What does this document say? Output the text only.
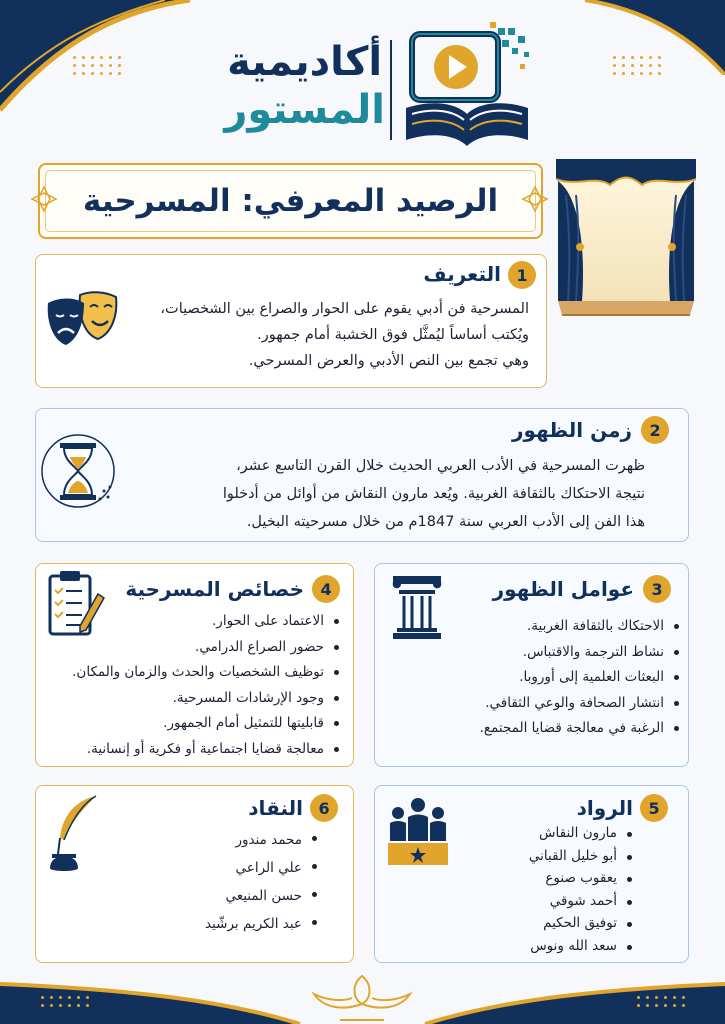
أكاديمية
المستور
الرصيد المعرفي: المسرحية
1
التعريف
المسرحية فن أدبي يقوم على الحوار والصراع بين الشخصيات،
ويُكتب أساساً ليُمثَّل فوق الخشبة أمام جمهور.
وهي تجمع بين النص الأدبي والعرض المسرحي.
2
زمن الظهور
ظهرت المسرحية في الأدب العربي الحديث خلال القرن التاسع عشر،
نتيجة الاحتكاك بالثقافة الغربية. ويُعد مارون النقاش من أوائل من أدخلوا
هذا الفن إلى الأدب العربي سنة 1847م من خلال مسرحيته البخيل.
3
عوامل الظهور
الاحتكاك بالثقافة الغربية.
نشاط الترجمة والاقتباس.
البعثات العلمية إلى أوروبا.
انتشار الصحافة والوعي الثقافي.
الرغبة في معالجة قضايا المجتمع.
4
خصائص المسرحية
الاعتماد على الحوار.
حضور الصراع الدرامي.
توظيف الشخصيات والحدث والزمان والمكان.
وجود الإرشادات المسرحية.
قابليتها للتمثيل أمام الجمهور.
معالجة قضايا اجتماعية أو فكرية أو إنسانية.
5
الرواد
مارون النقاش
أبو خليل القباني
يعقوب صنوع
أحمد شوقي
توفيق الحكيم
سعد الله ونوس
6
النقاد
محمد مندور
علي الراعي
حسن المنيعي
عبد الكريم برشّيد
